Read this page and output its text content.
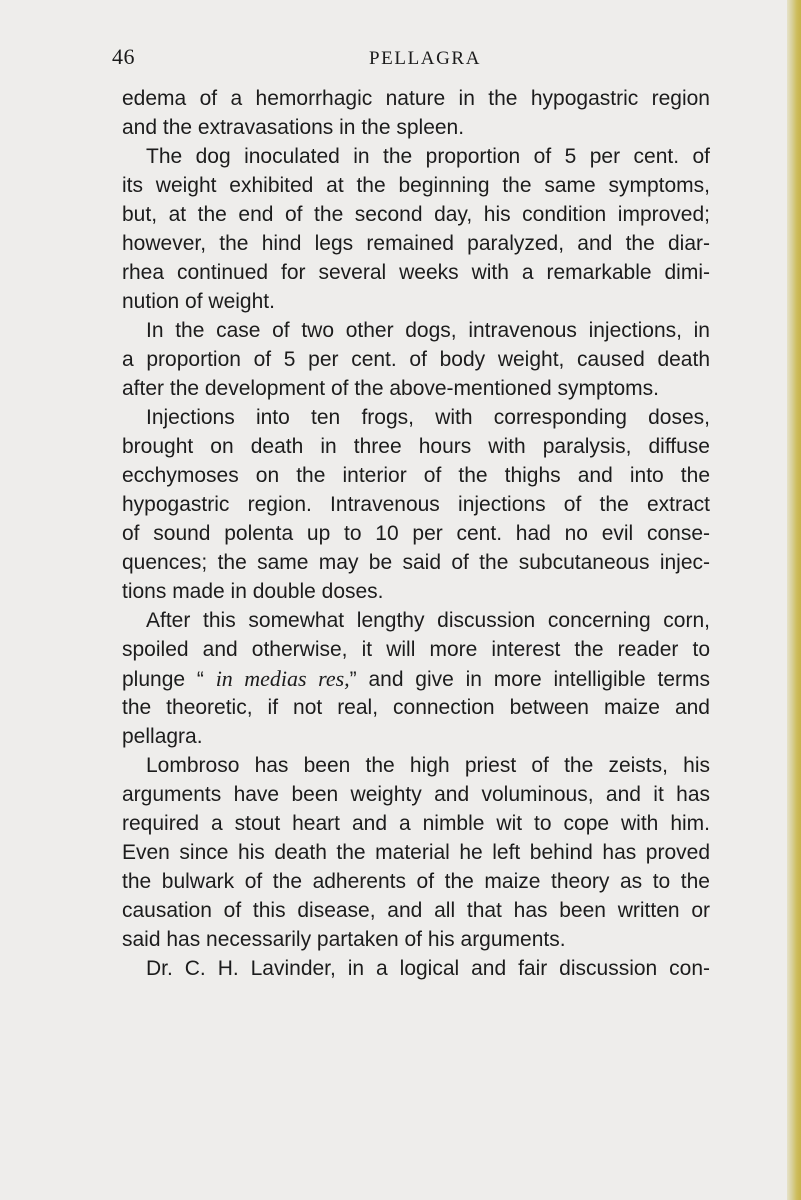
46	PELLAGRA
edema of a hemorrhagic nature in the hypogastric region
and the extravasations in the spleen.
The dog inoculated in the proportion of 5 per cent. of
its weight exhibited at the beginning the same symptoms,
but, at the end of the second day, his condition improved;
however, the hind legs remained paralyzed, and the diar-
rhea continued for several weeks with a remarkable dimi-
nution of weight.
In the case of two other dogs, intravenous injections, in
a proportion of 5 per cent. of body weight, caused death
after the development of the above-mentioned symptoms.
Injections into ten frogs, with corresponding doses,
brought on death in three hours with paralysis, diffuse
ecchymoses on the interior of the thighs and into the
hypogastric region. Intravenous injections of the extract
of sound polenta up to 10 per cent. had no evil conse-
quences; the same may be said of the subcutaneous injec-
tions made in double doses.
After this somewhat lengthy discussion concerning corn,
spoiled and otherwise, it will more interest the reader to
plunge “ in medias res,” and give in more intelligible terms
the theoretic, if not real, connection between maize and
pellagra.
Lombroso has been the high priest of the zeists, his
arguments have been weighty and voluminous, and it has
required a stout heart and a nimble wit to cope with him.
Even since his death the material he left behind has proved
the bulwark of the adherents of the maize theory as to the
causation of this disease, and all that has been written or
said has necessarily partaken of his arguments.
Dr. C. H. Lavinder, in a logical and fair discussion con-
